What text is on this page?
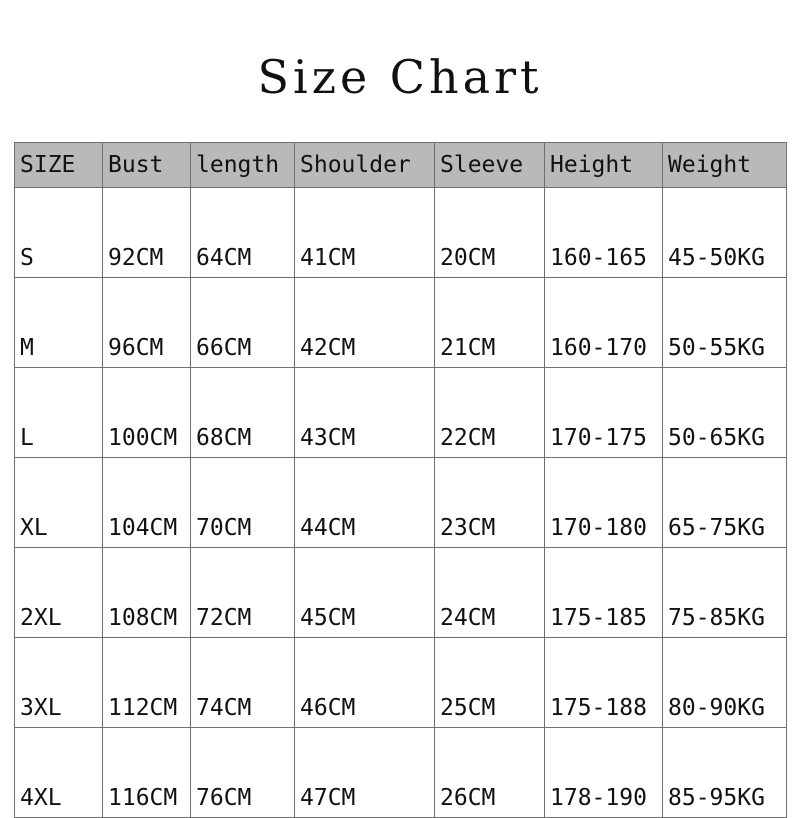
Size Chart
SIZE	Bust	length	Shoulder	Sleeve	Height	Weight
S	92CM	64CM	41CM	20CM	160-165	45-50KG
M	96CM	66CM	42CM	21CM	160-170	50-55KG
L	100CM	68CM	43CM	22CM	170-175	50-65KG
XL	104CM	70CM	44CM	23CM	170-180	65-75KG
2XL	108CM	72CM	45CM	24CM	175-185	75-85KG
3XL	112CM	74CM	46CM	25CM	175-188	80-90KG
4XL	116CM	76CM	47CM	26CM	178-190	85-95KG
